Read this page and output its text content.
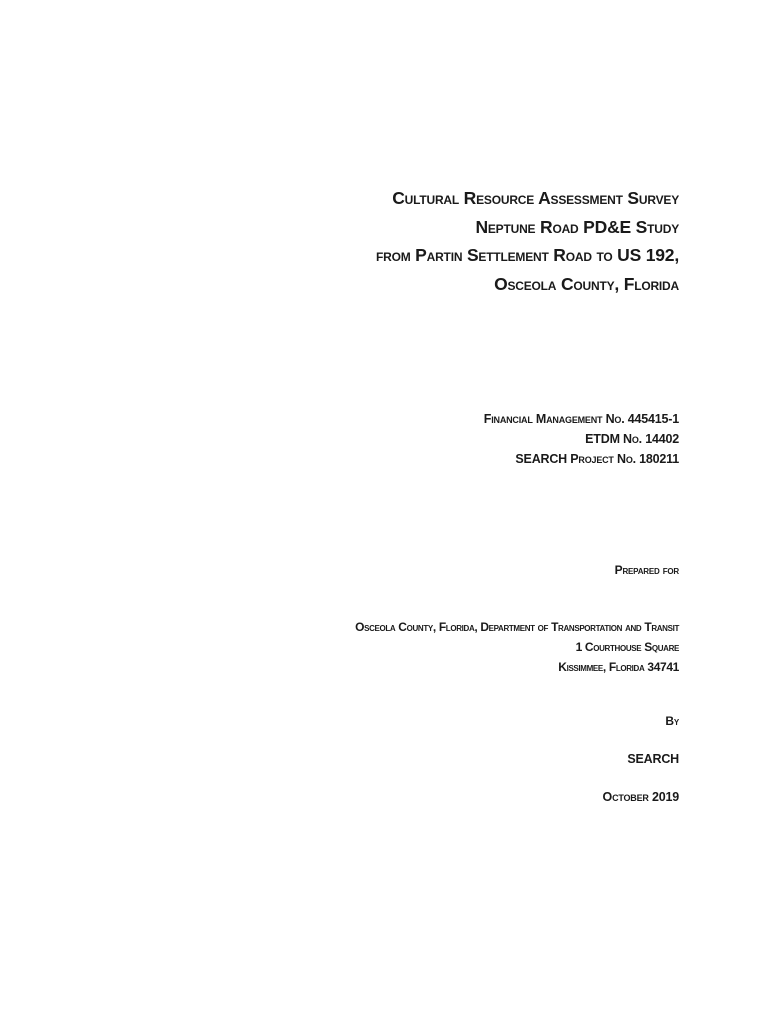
Cultural Resource Assessment Survey
Neptune Road PD&E Study
from Partin Settlement Road to US 192,
Osceola County, Florida
Financial Management No. 445415-1
ETDM No. 14402
SEARCH Project No. 180211
Prepared for
Osceola County, Florida, Department of Transportation and Transit
1 Courthouse Square
Kissimmee, Florida 34741
By
SEARCH
October 2019
